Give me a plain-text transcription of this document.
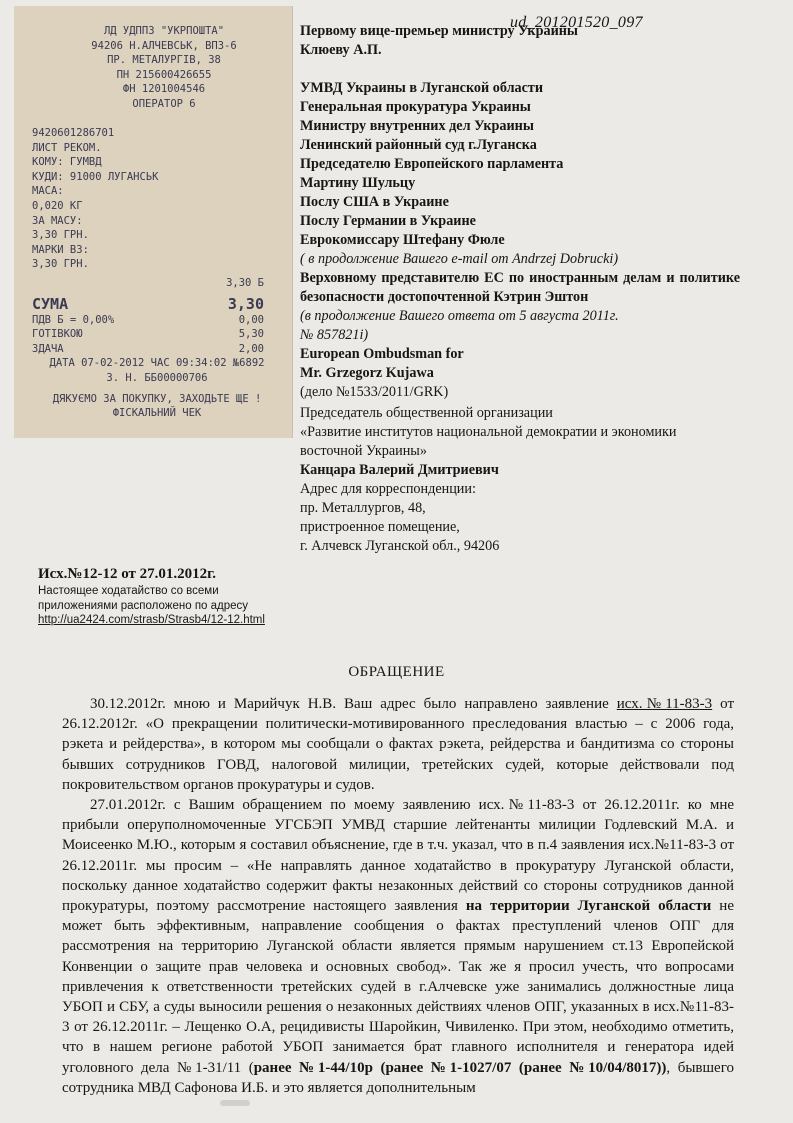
ud_201201520_097
ЛД УДППЗ "УКРПОШТА"
94206 Н.АЛЧЕВСЬК, ВПЗ-6
ПР. МЕТАЛУРГІВ, 38
ПН 215600426655
ФН 1201004546
ОПЕРАТОР 6
9420601286701
ЛИСТ РЕКОМ.
КОМУ: ГУМВД
КУДИ: 91000 ЛУГАНСЬК
МАСА:
0,020 КГ
ЗА МАСУ:
3,30 ГРН.
МАРКИ ВЗ:
3,30 ГРН.
3,30 Б
СУМА	3,30
ПДВ Б = 0,00%	0,00
ГОТІВКОЮ	5,30
ЗДАЧА	2,00
ДАТА 07-02-2012 ЧАС 09:34:02 №6892
3. Н. ББ00000706
ДЯКУЄМО ЗА ПОКУПКУ, ЗАХОДЬТЕ ЩЕ !
ФІСКАЛЬНИЙ ЧЕК
Первому вице-премьер министру Украины
Клюеву А.П.
УМВД Украины в Луганской области
Генеральная прокуратура Украины
Министру внутренних дел Украины
Ленинский районный суд г.Луганска
Председателю Европейского парламента
Мартину Шульцу
Послу США в Украине
Послу Германии в Украине
Еврокомиссару Штефану Фюле
( в продолжение Вашего e-mail от Andrzej Dobrucki)
Верховному представителю ЕС по иностранным делам и политике безопасности достопочтенной Кэтрин Эштон
(в продолжение Вашего ответа от 5 августа 2011г.
№ 857821i)
European Ombudsman for
Mr. Grzegorz Kujawa
(дело №1533/2011/GRK)
Председатель общественной организации
«Развитие институтов национальной демократии и экономики восточной Украины»
Канцара Валерий Дмитриевич
Адрес для корреспонденции:
пр. Металлургов, 48,
пристроенное помещение,
г. Алчевск Луганской обл., 94206
Исх.№12-12 от 27.01.2012г.
Настоящее ходатайство со всеми приложениями расположено по адресу
http://ua2424.com/strasb/Strasb4/12-12.html
ОБРАЩЕНИЕ

30.12.2012г. мною и Марийчук Н.В. Ваш адрес было направлено заявление исх.№11-83-3 от 26.12.2012г. «О прекращении политически-мотивированного преследования властью – с 2006 года, рэкета и рейдерства», в котором мы сообщали о фактах рэкета, рейдерства и бандитизма со стороны бывших сотрудников ГОВД, налоговой милиции, третейских судей, которые действовали под покровительством органов прокуратуры и судов.

27.01.2012г. с Вашим обращением по моему заявлению исх.№11-83-3 от 26.12.2011г. ко мне прибыли оперуполномоченные УГСБЭП УМВД старшие лейтенанты милиции Годлевский М.А. и Моисеенко М.Ю., которым я составил объяснение, где в т.ч. указал, что в п.4 заявления исх.№11-83-3 от 26.12.2011г. мы просим – «Не направлять данное ходатайство в прокуратуру Луганской области, поскольку данное ходатайство содержит факты незаконных действий со стороны сотрудников данной прокуратуры, поэтому рассмотрение настоящего заявления на территории Луганской области не может быть эффективным, направление сообщения о фактах преступлений членов ОПГ для рассмотрения на территорию Луганской области является прямым нарушением ст.13 Европейской Конвенции о защите прав человека и основных свобод». Так же я просил учесть, что вопросами привлечения к ответственности третейских судей в г.Алчевске уже занимались должностные лица УБОП и СБУ, а суды выносили решения о незаконных действиях членов ОПГ, указанных в исх.№11-83-3 от 26.12.2011г. – Лещенко О.А, рецидивисты Шаройкин, Чивиленко. При этом, необходимо отметить, что в нашем регионе работой УБОП занимается брат главного исполнителя и генератора идей уголовного дела №1-31/11 (ранее №1-44/10р (ранее №1-1027/07 (ранее №10/04/8017)), бывшего сотрудника МВД Сафонова И.Б. и это является дополнительным
